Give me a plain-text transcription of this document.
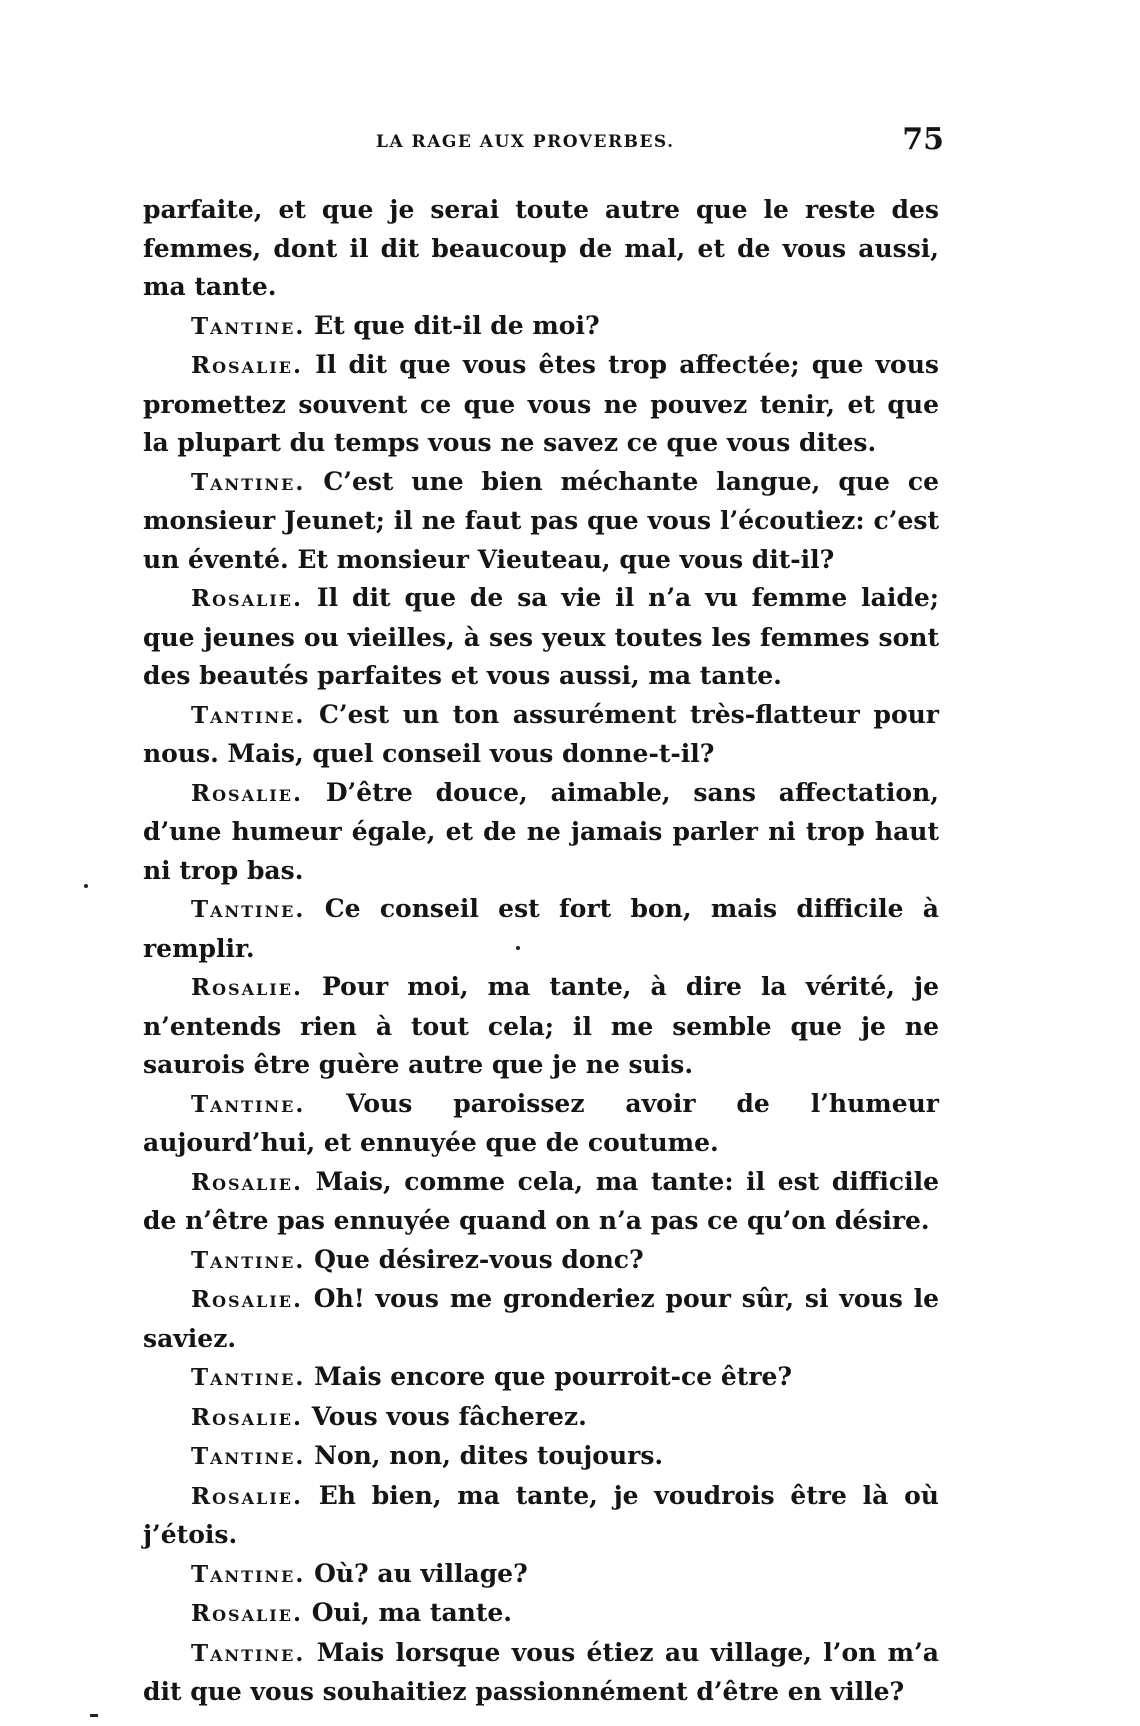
LA RAGE AUX PROVERBES.	75

parfaite, et que je serai toute autre que le reste des femmes, dont il dit beaucoup de mal, et de vous aussi, ma tante.

Tantine. Et que dit-il de moi?

Rosalie. Il dit que vous êtes trop affectée; que vous promettez souvent ce que vous ne pouvez tenir, et que la plupart du temps vous ne savez ce que vous dites.

Tantine. C’est une bien méchante langue, que ce monsieur Jeunet; il ne faut pas que vous l’écoutiez: c’est un éventé. Et monsieur Vieuteau, que vous dit-il?

Rosalie. Il dit que de sa vie il n’a vu femme laide; que jeunes ou vieilles, à ses yeux toutes les femmes sont des beautés parfaites et vous aussi, ma tante.

Tantine. C’est un ton assurément très-flatteur pour nous. Mais, quel conseil vous donne-t-il?

Rosalie. D’être douce, aimable, sans affectation, d’une humeur égale, et de ne jamais parler ni trop haut ni trop bas.

Tantine. Ce conseil est fort bon, mais difficile à remplir.

Rosalie. Pour moi, ma tante, à dire la vérité, je n’entends rien à tout cela; il me semble que je ne saurois être guère autre que je ne suis.

Tantine. Vous paroissez avoir de l’humeur aujourd’hui, et ennuyée que de coutume.

Rosalie. Mais, comme cela, ma tante: il est difficile de n’être pas ennuyée quand on n’a pas ce qu’on désire.

Tantine. Que désirez-vous donc?

Rosalie. Oh! vous me gronderiez pour sûr, si vous le saviez.

Tantine. Mais encore que pourroit-ce être?

Rosalie. Vous vous fâcherez.

Tantine. Non, non, dites toujours.

Rosalie. Eh bien, ma tante, je voudrois être là où j’étois.

Tantine. Où? au village?

Rosalie. Oui, ma tante.

Tantine. Mais lorsque vous étiez au village, l’on m’a dit que vous souhaitiez passionnément d’être en ville?
